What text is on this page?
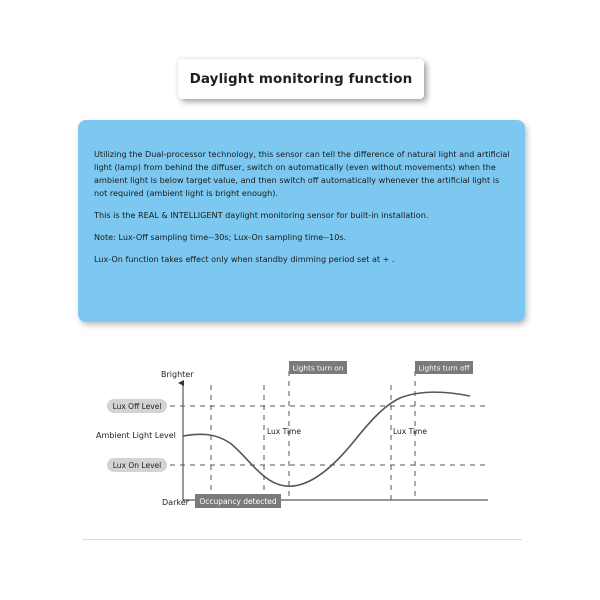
Daylight monitoring function

Utilizing the Dual-processor technology, this sensor can tell the difference of natural light and artificial light (lamp) from behind the diffuser, switch on automatically (even without movements) when the ambient light is below target value, and then switch off automatically whenever the artificial light is not required (ambient light is bright enough).

This is the REAL & INTELLIGENT daylight monitoring sensor for built-in installation.

Note: Lux-Off sampling time--30s; Lux-On sampling time--10s.

Lux-On function takes effect only when standby dimming period set at + .

Lux Time	Lux Time
Brighter
Darker
Ambient Light Level
Lux Off Level
Lux On Level
Lights turn on	Lights turn off
Occupancy detected
